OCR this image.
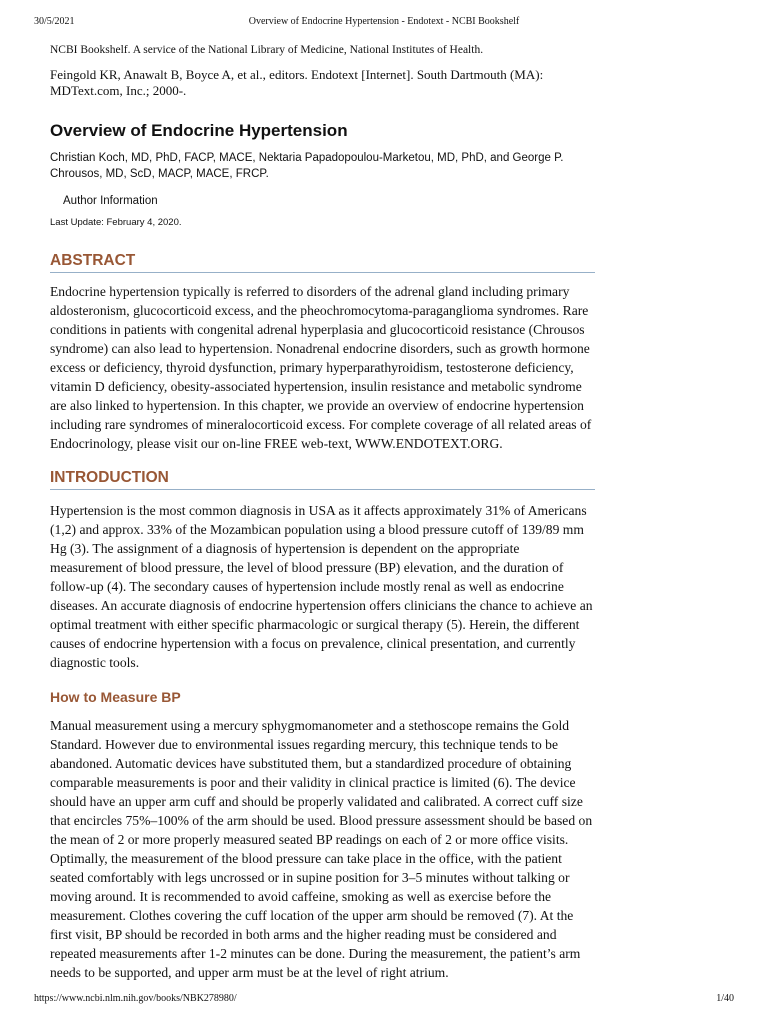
30/5/2021	Overview of Endocrine Hypertension - Endotext - NCBI Bookshelf

NCBI Bookshelf. A service of the National Library of Medicine, National Institutes of Health.

Feingold KR, Anawalt B, Boyce A, et al., editors. Endotext [Internet]. South Dartmouth (MA): MDText.com, Inc.; 2000-.

Overview of Endocrine Hypertension

Christian Koch, MD, PhD, FACP, MACE, Nektaria Papadopoulou-Marketou, MD, PhD, and George P. Chrousos, MD, ScD, MACP, MACE, FRCP.

Author Information

Last Update: February 4, 2020.

ABSTRACT

Endocrine hypertension typically is referred to disorders of the adrenal gland including primary aldosteronism, glucocorticoid excess, and the pheochromocytoma-paraganglioma syndromes. Rare conditions in patients with congenital adrenal hyperplasia and glucocorticoid resistance (Chrousos syndrome) can also lead to hypertension. Nonadrenal endocrine disorders, such as growth hormone excess or deficiency, thyroid dysfunction, primary hyperparathyroidism, testosterone deficiency, vitamin D deficiency, obesity-associated hypertension, insulin resistance and metabolic syndrome are also linked to hypertension. In this chapter, we provide an overview of endocrine hypertension including rare syndromes of mineralocorticoid excess. For complete coverage of all related areas of Endocrinology, please visit our on-line FREE web-text, WWW.ENDOTEXT.ORG.

INTRODUCTION

Hypertension is the most common diagnosis in USA as it affects approximately 31% of Americans (1,2) and approx. 33% of the Mozambican population using a blood pressure cutoff of 139/89 mm Hg (3). The assignment of a diagnosis of hypertension is dependent on the appropriate measurement of blood pressure, the level of blood pressure (BP) elevation, and the duration of follow-up (4). The secondary causes of hypertension include mostly renal as well as endocrine diseases. An accurate diagnosis of endocrine hypertension offers clinicians the chance to achieve an optimal treatment with either specific pharmacologic or surgical therapy (5). Herein, the different causes of endocrine hypertension with a focus on prevalence, clinical presentation, and currently diagnostic tools.

How to Measure BP

Manual measurement using a mercury sphygmomanometer and a stethoscope remains the Gold Standard. However due to environmental issues regarding mercury, this technique tends to be abandoned. Automatic devices have substituted them, but a standardized procedure of obtaining comparable measurements is poor and their validity in clinical practice is limited (6). The device should have an upper arm cuff and should be properly validated and calibrated. A correct cuff size that encircles 75%–100% of the arm should be used. Blood pressure assessment should be based on the mean of 2 or more properly measured seated BP readings on each of 2 or more office visits. Optimally, the measurement of the blood pressure can take place in the office, with the patient seated comfortably with legs uncrossed or in supine position for 3–5 minutes without talking or moving around. It is recommended to avoid caffeine, smoking as well as exercise before the measurement. Clothes covering the cuff location of the upper arm should be removed (7). At the first visit, BP should be recorded in both arms and the higher reading must be considered and repeated measurements after 1-2 minutes can be done. During the measurement, the patient’s arm needs to be supported, and upper arm must be at the level of right atrium.

https://www.ncbi.nlm.nih.gov/books/NBK278980/	1/40
